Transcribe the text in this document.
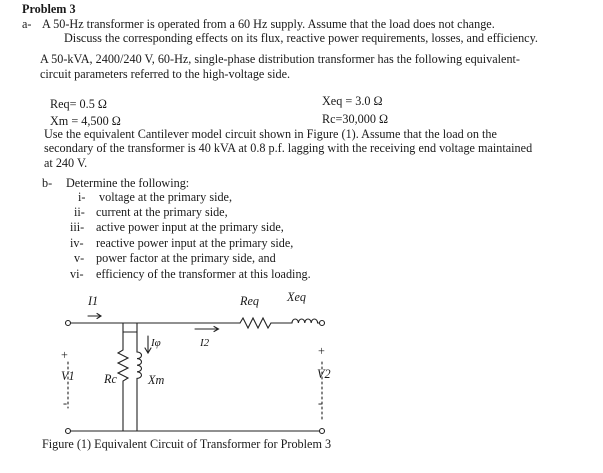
Problem 3
a- A 50-Hz transformer is operated from a 60 Hz supply. Assume that the load does not change.
Discuss the corresponding effects on its flux, reactive power requirements, losses, and efficiency.
A 50-kVA, 2400/240 V, 60-Hz, single-phase distribution transformer has the following equivalent-
circuit parameters referred to the high-voltage side.
Req= 0.5 Ω	Xeq = 3.0 Ω
Xm = 4,500 Ω	Rc=30,000 Ω
Use the equivalent Cantilever model circuit shown in Figure (1). Assume that the load on the
secondary of the transformer is 40 kVA at 0.8 p.f. lagging with the receiving end voltage maintained
at 240 V.
b- Determine the following:
i- voltage at the primary side,
ii- current at the primary side,
iii- active power input at the primary side,
iv- reactive power input at the primary side,
v- power factor at the primary side, and
vi- efficiency of the transformer at this loading.
I1	Req Xeq
Iφ	I2
+
V1 Rc	Xm
-
+
V2
-
Figure (1) Equivalent Circuit of Transformer for Problem 3
